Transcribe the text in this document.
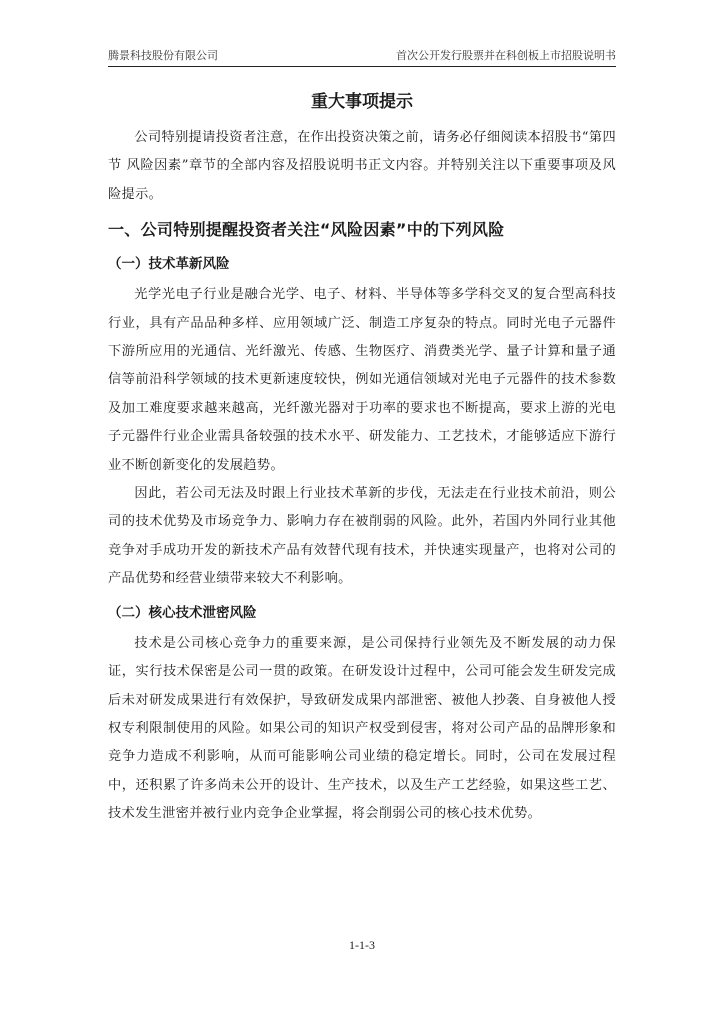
腾景科技股份有限公司	首次公开发行股票并在科创板上市招股说明书
重大事项提示

公司特别提请投资者注意，在作出投资决策之前，请务必仔细阅读本招股书“第四节 风险因素”章节的全部内容及招股说明书正文内容。并特别关注以下重要事项及风险提示。

一、公司特别提醒投资者关注“风险因素”中的下列风险
（一）技术革新风险

光学光电子行业是融合光学、电子、材料、半导体等多学科交叉的复合型高科技行业，具有产品品种多样、应用领域广泛、制造工序复杂的特点。同时光电子元器件下游所应用的光通信、光纤激光、传感、生物医疗、消费类光学、量子计算和量子通信等前沿科学领域的技术更新速度较快，例如光通信领域对光电子元器件的技术参数及加工难度要求越来越高，光纤激光器对于功率的要求也不断提高，要求上游的光电子元器件行业企业需具备较强的技术水平、研发能力、工艺技术，才能够适应下游行业不断创新变化的发展趋势。

因此，若公司无法及时跟上行业技术革新的步伐，无法走在行业技术前沿，则公司的技术优势及市场竞争力、影响力存在被削弱的风险。此外，若国内外同行业其他竞争对手成功开发的新技术产品有效替代现有技术，并快速实现量产，也将对公司的产品优势和经营业绩带来较大不利影响。

（二）核心技术泄密风险

技术是公司核心竞争力的重要来源，是公司保持行业领先及不断发展的动力保证，实行技术保密是公司一贯的政策。在研发设计过程中，公司可能会发生研发完成后未对研发成果进行有效保护，导致研发成果内部泄密、被他人抄袭、自身被他人授权专利限制使用的风险。如果公司的知识产权受到侵害，将对公司产品的品牌形象和竞争力造成不利影响，从而可能影响公司业绩的稳定增长。同时，公司在发展过程中，还积累了许多尚未公开的设计、生产技术，以及生产工艺经验，如果这些工艺、技术发生泄密并被行业内竞争企业掌握，将会削弱公司的核心技术优势。

1-1-3
